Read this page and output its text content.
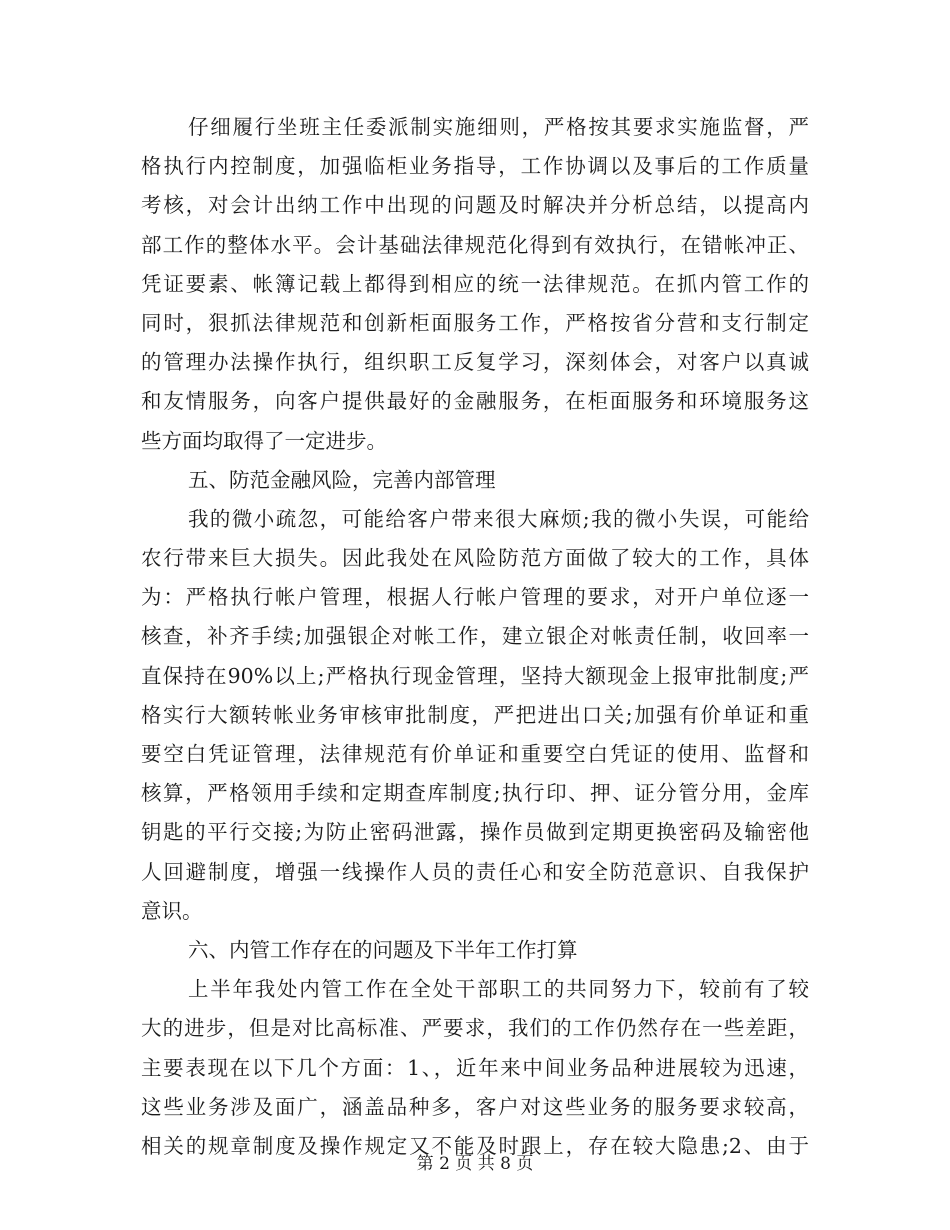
仔细履行坐班主任委派制实施细则，严格按其要求实施监督，严
格执行内控制度，加强临柜业务指导，工作协调以及事后的工作质量
考核，对会计出纳工作中出现的问题及时解决并分析总结，以提高内
部工作的整体水平。会计基础法律规范化得到有效执行，在错帐冲正、
凭证要素、帐簿记载上都得到相应的统一法律规范。在抓内管工作的
同时，狠抓法律规范和创新柜面服务工作，严格按省分营和支行制定
的管理办法操作执行，组织职工反复学习，深刻体会，对客户以真诚
和友情服务，向客户提供最好的金融服务，在柜面服务和环境服务这
些方面均取得了一定进步。
五、防范金融风险，完善内部管理
我的微小疏忽，可能给客户带来很大麻烦;我的微小失误，可能给
农行带来巨大损失。因此我处在风险防范方面做了较大的工作，具体
为：严格执行帐户管理，根据人行帐户管理的要求，对开户单位逐一
核查，补齐手续;加强银企对帐工作，建立银企对帐责任制，收回率一
直保持在90%以上;严格执行现金管理，坚持大额现金上报审批制度;严
格实行大额转帐业务审核审批制度，严把进出口关;加强有价单证和重
要空白凭证管理，法律规范有价单证和重要空白凭证的使用、监督和
核算，严格领用手续和定期查库制度;执行印、押、证分管分用，金库
钥匙的平行交接;为防止密码泄露，操作员做到定期更换密码及输密他
人回避制度，增强一线操作人员的责任心和安全防范意识、自我保护
意识。
六、内管工作存在的问题及下半年工作打算
上半年我处内管工作在全处干部职工的共同努力下，较前有了较
大的进步，但是对比高标准、严要求，我们的工作仍然存在一些差距，
主要表现在以下几个方面：1、，近年来中间业务品种进展较为迅速，
这些业务涉及面广，涵盖品种多，客户对这些业务的服务要求较高，
相关的规章制度及操作规定又不能及时跟上，存在较大隐患;2、由于
第 2 页 共 8 页
